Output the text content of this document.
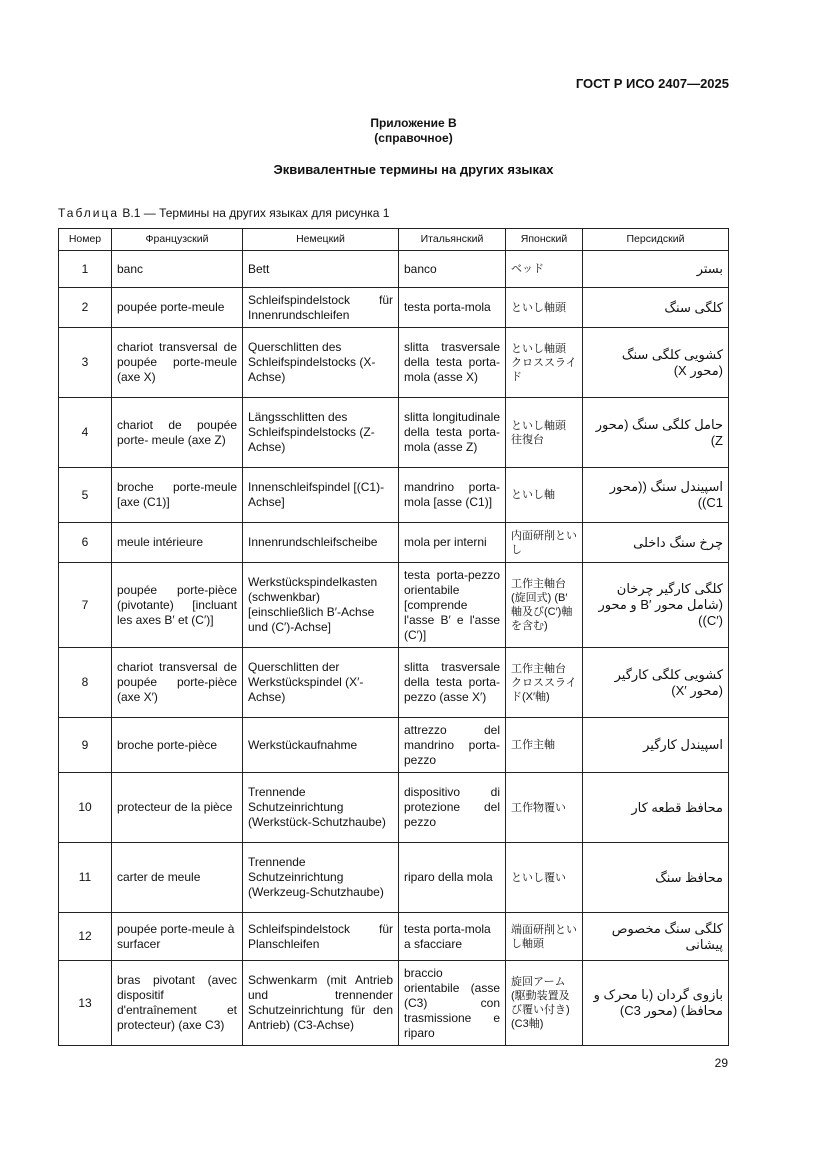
ГОСТ Р ИСО 2407—2025
Приложение В
(справочное)
Эквивалентные термины на других языках
Таблица В.1 — Термины на других языках для рисунка 1
Номер	Французский	Немецкий	Итальянский	Японский	Персидский
1	banc	Bett	banco	ベッド	بستر
2	poupée porte-meule	Schleifspindelstock für Innenrundschleifen	testa porta-mola	といし軸頭	کلگی سنگ
3	chariot transversal de poupée porte-meule (axe X)	Querschlitten des Schleifspindelstocks (X-Achse)	slitta trasversale della testa porta-mola (asse X)	といし軸頭 クロススライド	کشویی کلگی سنگ (محور X)
4	chariot de poupée porte- meule (axe Z)	Längsschlitten des Schleifspindelstocks (Z-Achse)	slitta longitudinale della testa porta-mola (asse Z)	といし軸頭 往復台	حامل کلگی سنگ (محور Z)
5	broche porte-meule [axe (C1)]	Innenschleifspindel [(C1)- Achse]	mandrino porta-mola [asse (C1)]	といし軸	اسپیندل سنگ ((محور C1))
6	meule intérieure	Innenrundschleifscheibe	mola per interni	内面研削といし	چرخ سنگ داخلی
7	poupée porte-pièce (pivotante) [incluant les axes B′ et (C′)]	Werkstückspindelkasten (schwenkbar) [einschließlich B′-Achse und (C′)-Achse]	testa porta-pezzo orientabile [comprende l'asse B′ e l'asse (C′)]	工作主軸台(旋回式) (B′軸及び(C′)軸を含む)	کلگی کارگیر چرخان (شامل محور ′B و محور (′C))
8	chariot transversal de poupée porte-pièce (axe X′)	Querschlitten der Werkstückspindel (X′-Achse)	slitta trasversale della testa porta-pezzo (asse X′)	工作主軸台 クロススライド(X′軸)	کشویی کلگی کارگیر (محور ′X)
9	broche porte-pièce	Werkstückaufnahme	attrezzo del mandrino porta-pezzo	工作主軸	اسپیندل کارگیر
10	protecteur de la pièce	Trennende Schutzeinrichtung (Werkstück-Schutzhaube)	dispositivo di protezione del pezzo	工作物覆い	محافظ قطعه کار
11	carter de meule	Trennende Schutzeinrichtung (Werkzeug-Schutzhaube)	riparo della mola	といし覆い	محافظ سنگ
12	poupée porte-meule à surfacer	Schleifspindelstock für Planschleifen	testa porta-mola a sfacciare	端面研削といし軸頭	کلگی سنگ مخصوص پیشانی
13	bras pivotant (avec dispositif d'entraînement et protecteur) (axe C3)	Schwenkarm (mit Antrieb und trennender Schutzeinrichtung für den Antrieb) (C3-Achse)	braccio orientabile (asse (C3) con trasmissione e riparo	旋回アーム(駆動装置及び覆い付き)(C3軸)	بازوی گردان (با محرک و محافظ) (محور C3)
29
